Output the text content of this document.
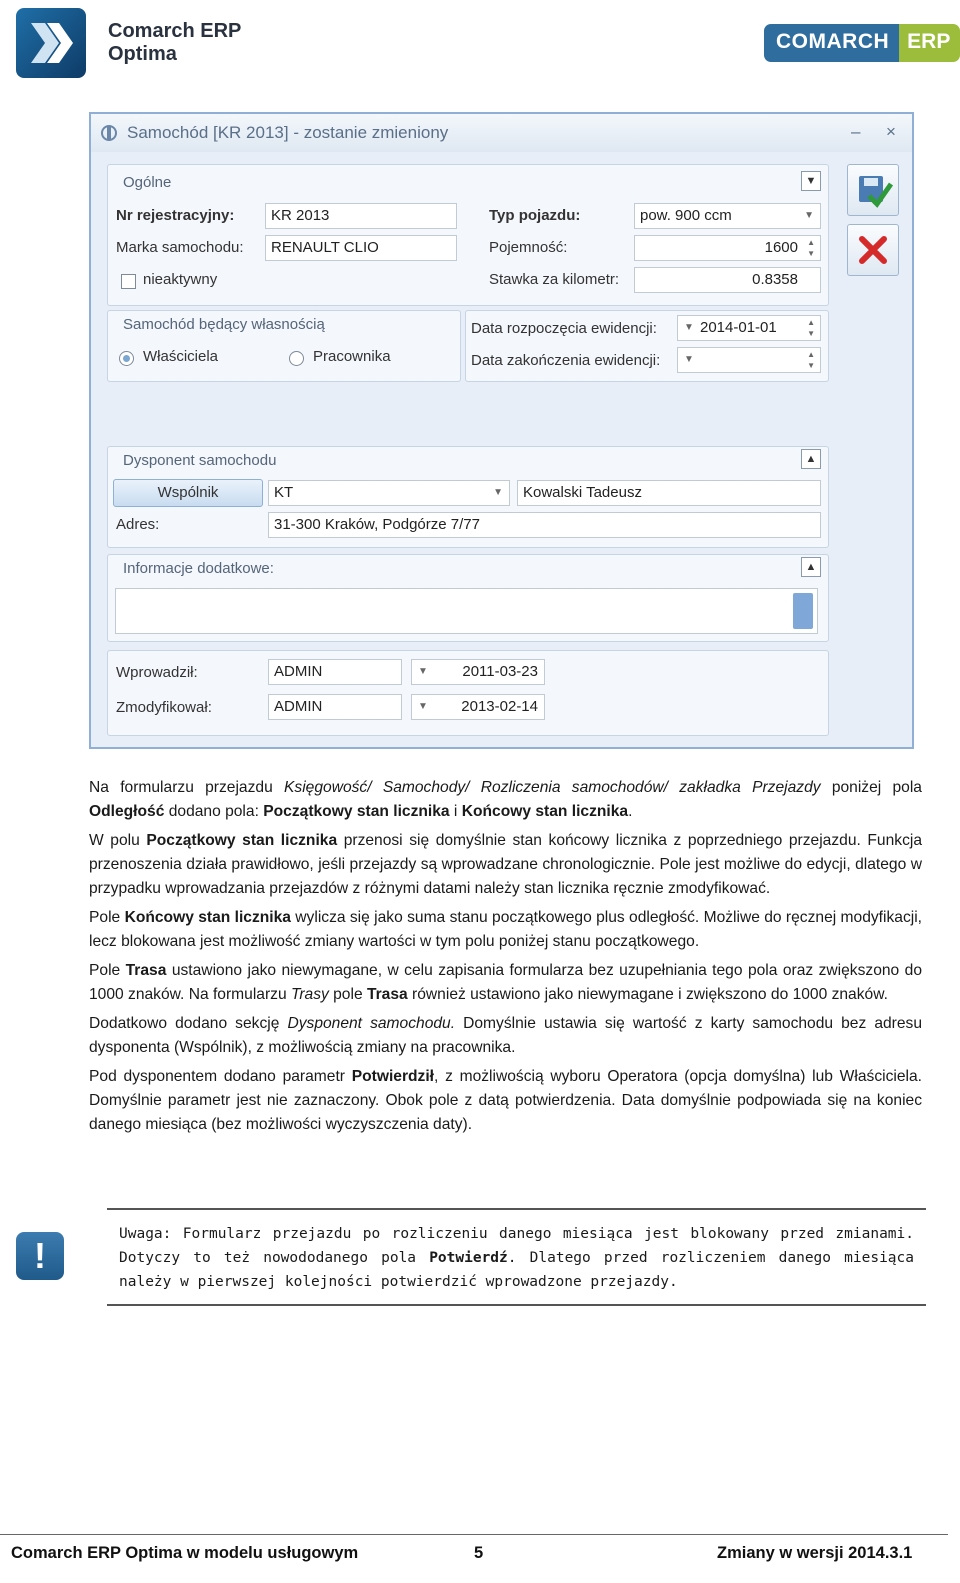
Comarch ERP
Optima
COMARCH ERP
Samochód [KR 2013] - zostanie zmieniony	– ×
Ogólne	▼
Nr rejestracyjny:	KR 2013
Marka samochodu:	RENAULT CLIO
nieaktywny
Typ pojazdu:	pow. 900 ccm	▼
Pojemność:	1600 ▲
▼
Stawka za kilometr:	0.8358
Samochód będący własnością
Właściciela	Pracownika
Data rozpoczęcia ewidencji:	▼ 2014-01-01	▲
▼
Data zakończenia ewidencji: ▼	▲
▼
Dysponent samochodu	▲
Wspólnik	KT	▼	Kowalski Tadeusz
Adres:	31-300 Kraków, Podgórze 7/77
Informacje dodatkowe:	▲
Wprowadził:	ADMIN	▼ 2011-03-23
Zmodyfikował:	ADMIN	▼ 2013-02-14

Na formularzu przejazdu Księgowość/ Samochody/ Rozliczenia samochodów/ zakładka Przejazdy poniżej pola Odległość dodano pola: Początkowy stan licznika i Końcowy stan licznika.

W polu Początkowy stan licznika przenosi się domyślnie stan końcowy licznika z poprzedniego przejazdu. Funkcja przenoszenia działa prawidłowo, jeśli przejazdy są wprowadzane chronologicznie. Pole jest możliwe do edycji, dlatego w przypadku wprowadzania przejazdów z różnymi datami należy stan licznika ręcznie zmodyfikować.

Pole Końcowy stan licznika wylicza się jako suma stanu początkowego plus odległość. Możliwe do ręcznej modyfikacji, lecz blokowana jest możliwość zmiany wartości w tym polu poniżej stanu początkowego.

Pole Trasa ustawiono jako niewymagane, w celu zapisania formularza bez uzupełniania tego pola oraz zwiększono do 1000 znaków. Na formularzu Trasy pole Trasa również ustawiono jako niewymagane i zwiększono do 1000 znaków.

Dodatkowo dodano sekcję Dysponent samochodu. Domyślnie ustawia się wartość z karty samochodu bez adresu dysponenta (Wspólnik), z możliwością zmiany na pracownika.

Pod dysponentem dodano parametr Potwierdził, z możliwością wyboru Operatora (opcja domyślna) lub Właściciela. Domyślnie parametr jest nie zaznaczony. Obok pole z datą potwierdzenia. Data domyślnie podpowiada się na koniec danego miesiąca (bez możliwości wyczyszczenia daty).

!
Uwaga: Formularz przejazdu po rozliczeniu danego miesiąca jest blokowany przed zmianami. Dotyczy to też nowododanego pola Potwierdź. Dlatego przed rozliczeniem danego miesiąca należy w pierwszej kolejności potwierdzić wprowadzone przejazdy.
Comarch ERP Optima w modelu usługowym	5	Zmiany w wersji 2014.3.1
